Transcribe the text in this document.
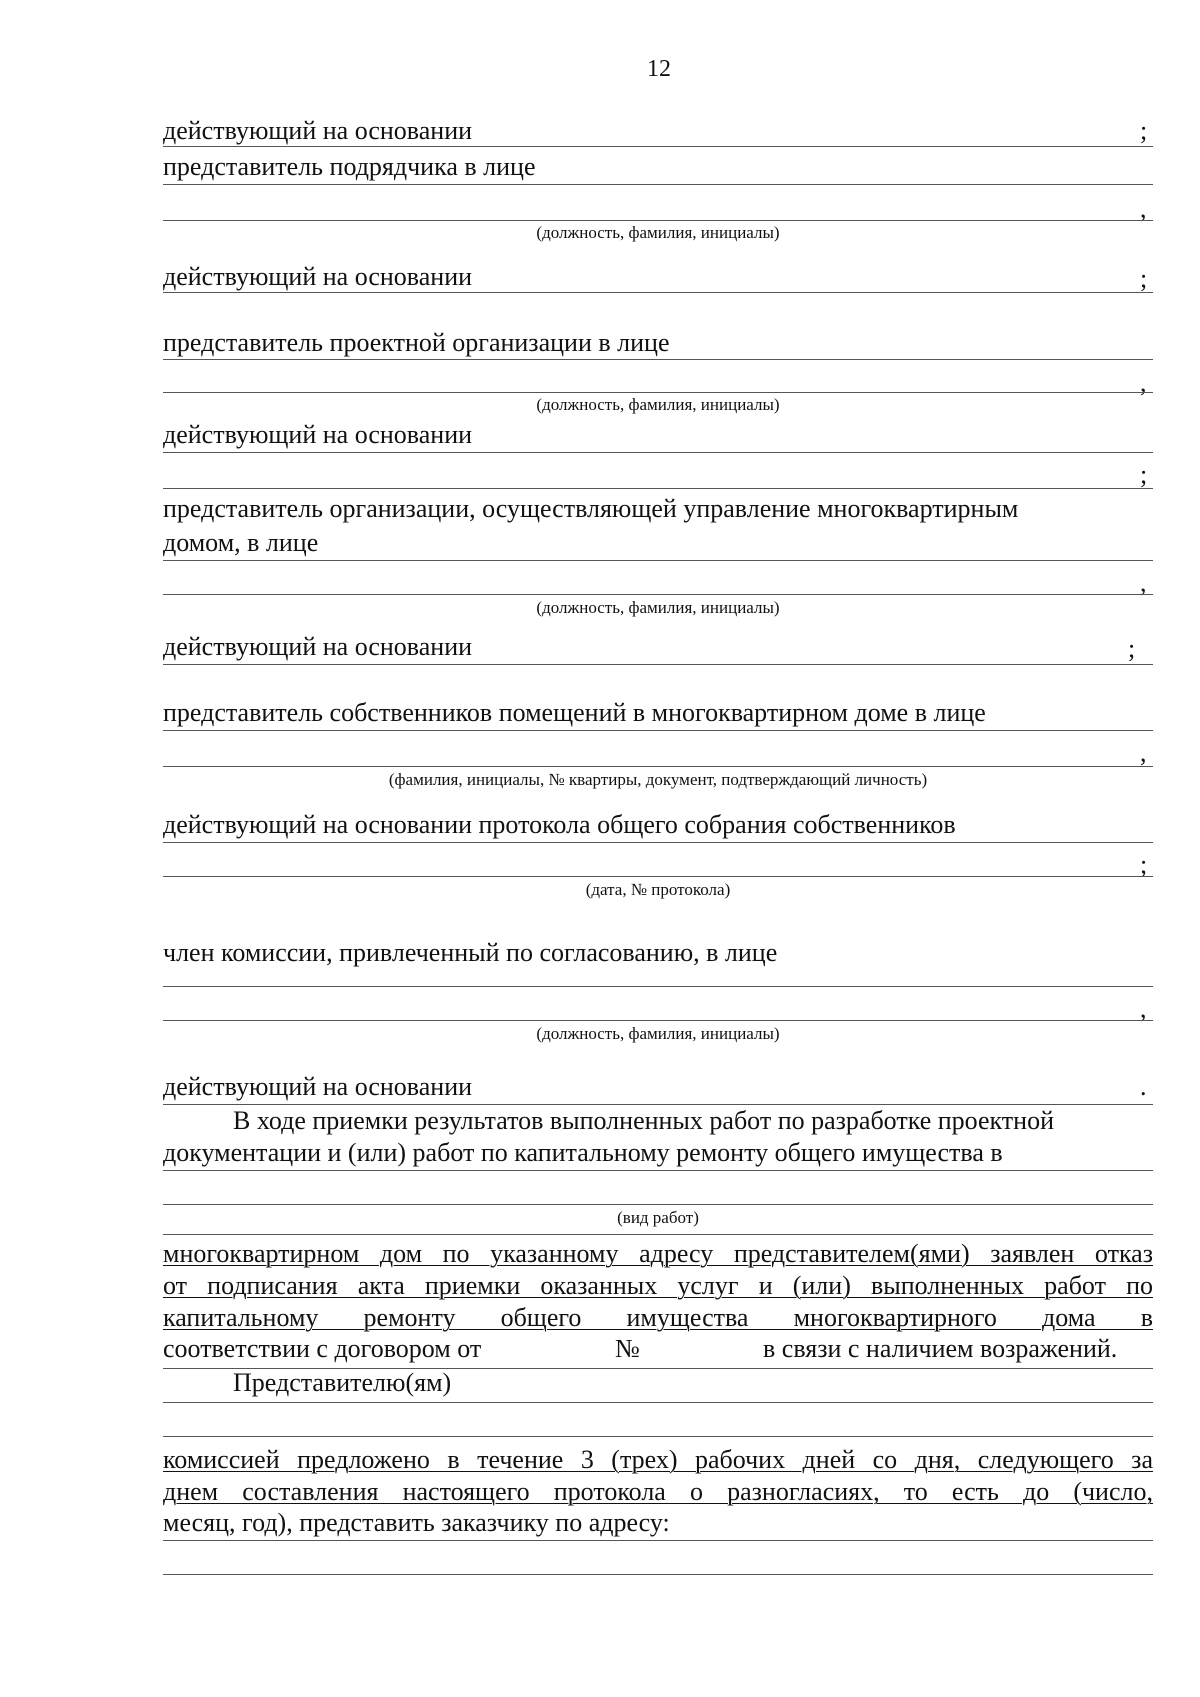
12
действующий на основании	;
представитель подрядчика в лице
,
(должность, фамилия, инициалы)
действующий на основании	;
представитель проектной организации в лице
,
(должность, фамилия, инициалы)
действующий на основании
;
представитель организации, осуществляющей управление многоквартирным
домом, в лице
,
(должность, фамилия, инициалы)
действующий на основании	;
представитель собственников помещений в многоквартирном доме в лице
,
(фамилия, инициалы, № квартиры, документ, подтверждающий личность)
действующий на основании протокола общего собрания собственников
;
(дата, № протокола)
член комиссии, привлеченный по согласованию, в лице
,
(должность, фамилия, инициалы)
действующий на основании	.
В ходе приемки результатов выполненных работ по разработке проектной
документации и (или) работ по капитальному ремонту общего имущества в
(вид работ)
многоквартирном дом по указанному адресу представителем(ями) заявлен отказ
от подписания акта приемки оказанных услуг и (или) выполненных работ по
капитальному ремонту общего имущества многоквартирного дома в
соответствии с договором от	№	в связи с наличием возражений.
Представителю(ям)
комиссией предложено в течение 3 (трех) рабочих дней со дня, следующего за
днем составления настоящего протокола о разногласиях, то есть до (число,
месяц, год), представить заказчику по адресу:
